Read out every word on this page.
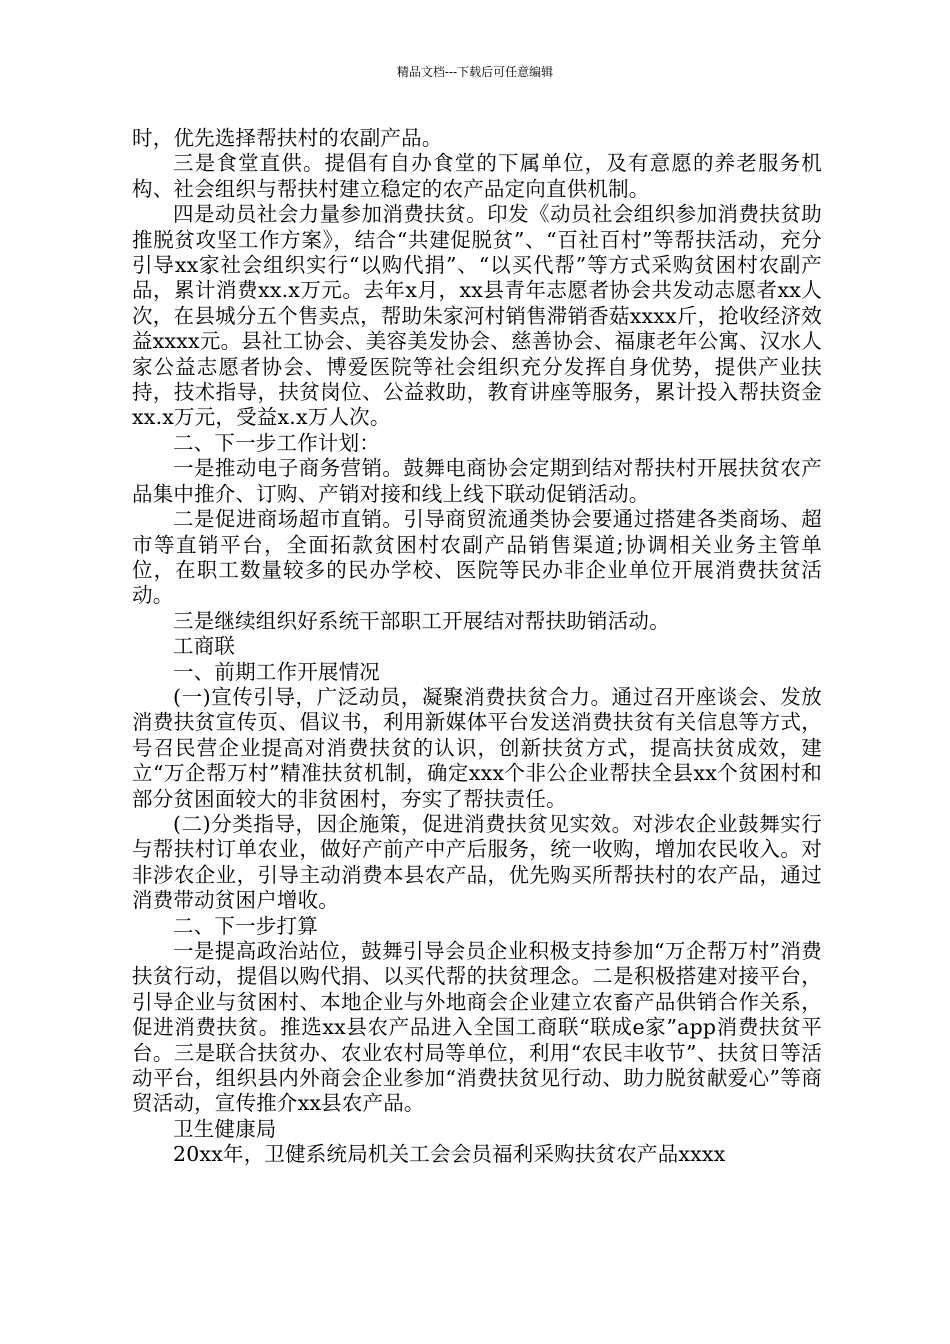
精品文档---下载后可任意编辑

时，优先选择帮扶村的农副产品。

三是食堂直供。提倡有自办食堂的下属单位，及有意愿的养老服务机构、社会组织与帮扶村建立稳定的农产品定向直供机制。

四是动员社会力量参加消费扶贫。印发《动员社会组织参加消费扶贫助推脱贫攻坚工作方案》，结合“共建促脱贫”、“百社百村”等帮扶活动，充分引导xx家社会组织实行“以购代捐”、“以买代帮”等方式采购贫困村农副产品，累计消费xx.x万元。去年x月，xx县青年志愿者协会共发动志愿者xx人次，在县城分五个售卖点，帮助朱家河村销售滞销香菇xxxx斤，抢收经济效益xxxx元。县社工协会、美容美发协会、慈善协会、福康老年公寓、汉水人家公益志愿者协会、博爱医院等社会组织充分发挥自身优势，提供产业扶持，技术指导，扶贫岗位、公益救助，教育讲座等服务，累计投入帮扶资金xx.x万元，受益x.x万人次。

二、下一步工作计划：

一是推动电子商务营销。鼓舞电商协会定期到结对帮扶村开展扶贫农产品集中推介、订购、产销对接和线上线下联动促销活动。

二是促进商场超市直销。引导商贸流通类协会要通过搭建各类商场、超市等直销平台，全面拓款贫困村农副产品销售渠道;协调相关业务主管单位，在职工数量较多的民办学校、医院等民办非企业单位开展消费扶贫活动。

三是继续组织好系统干部职工开展结对帮扶助销活动。

工商联

一、前期工作开展情况

(一)宣传引导，广泛动员，凝聚消费扶贫合力。通过召开座谈会、发放消费扶贫宣传页、倡议书，利用新媒体平台发送消费扶贫有关信息等方式，号召民营企业提高对消费扶贫的认识，创新扶贫方式，提高扶贫成效，建立“万企帮万村”精准扶贫机制，确定xxx个非公企业帮扶全县xx个贫困村和部分贫困面较大的非贫困村，夯实了帮扶责任。

(二)分类指导，因企施策，促进消费扶贫见实效。对涉农企业鼓舞实行与帮扶村订单农业，做好产前产中产后服务，统一收购，增加农民收入。对非涉农企业，引导主动消费本县农产品，优先购买所帮扶村的农产品，通过消费带动贫困户增收。

二、下一步打算

一是提高政治站位，鼓舞引导会员企业积极支持参加“万企帮万村”消费扶贫行动，提倡以购代捐、以买代帮的扶贫理念。二是积极搭建对接平台，引导企业与贫困村、本地企业与外地商会企业建立农畜产品供销合作关系，促进消费扶贫。推选xx县农产品进入全国工商联“联成e家”app消费扶贫平台。三是联合扶贫办、农业农村局等单位，利用“农民丰收节”、扶贫日等活动平台，组织县内外商会企业参加“消费扶贫见行动、助力脱贫献爱心”等商贸活动，宣传推介xx县农产品。

卫生健康局

20xx年，卫健系统局机关工会会员福利采购扶贫农产品xxxx
